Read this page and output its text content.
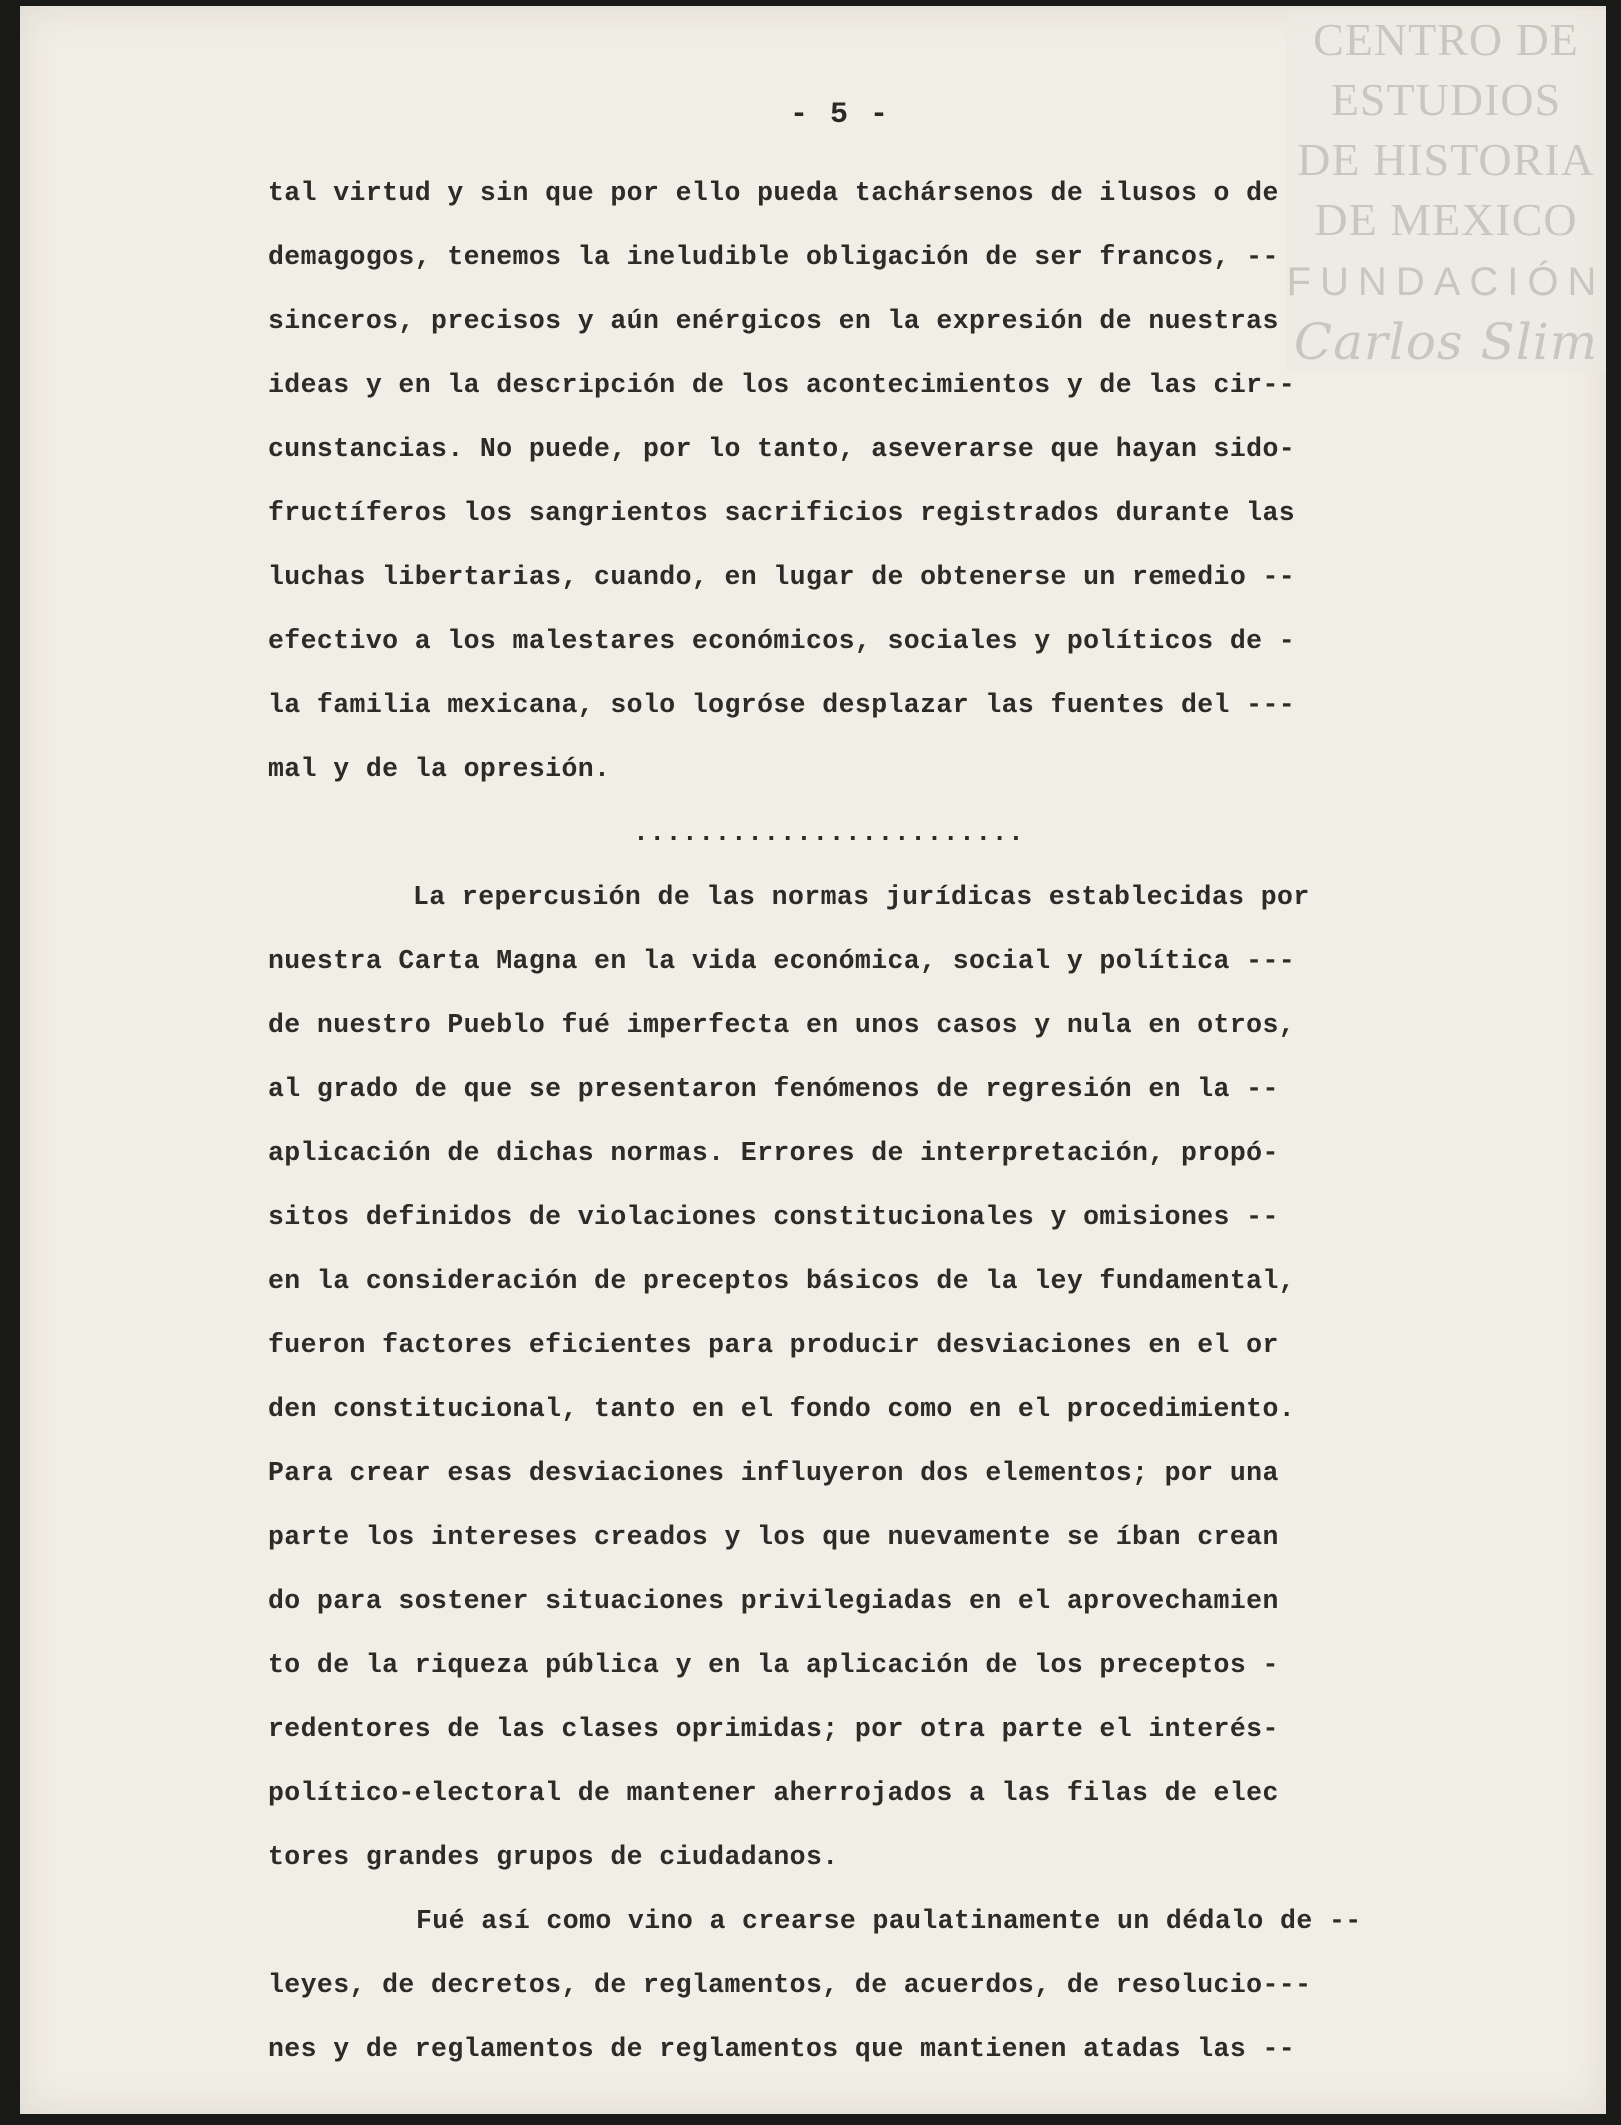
CENTRO DE
ESTUDIOS
DE HISTORIA
DE MEXICO
FUNDACIÓN
Carlos Slim
- 5 -
tal virtud y sin que por ello pueda tachársenos de ilusos o de
demagogos, tenemos la ineludible obligación de ser francos, --
sinceros, precisos y aún enérgicos en la expresión de nuestras
ideas y en la descripción de los acontecimientos y de las cir--
cunstancias. No puede, por lo tanto, aseverarse que hayan sido-
fructíferos los sangrientos sacrificios registrados durante las
luchas libertarias, cuando, en lugar de obtenerse un remedio --
efectivo a los malestares económicos, sociales y políticos de -
la familia mexicana, solo logróse desplazar las fuentes del ---
mal y de la opresión.
........................
La repercusión de las normas jurídicas establecidas por
nuestra Carta Magna en la vida económica, social y política ---
de nuestro Pueblo fué imperfecta en unos casos y nula en otros,
al grado de que se presentaron fenómenos de regresión en la --
aplicación de dichas normas. Errores de interpretación, propó-
sitos definidos de violaciones constitucionales y omisiones --
en la consideración de preceptos básicos de la ley fundamental,
fueron factores eficientes para producir desviaciones en el or
den constitucional, tanto en el fondo como en el procedimiento.
Para crear esas desviaciones influyeron dos elementos; por una
parte los intereses creados y los que nuevamente se íban crean
do para sostener situaciones privilegiadas en el aprovechamien
to de la riqueza pública y en la aplicación de los preceptos -
redentores de las clases oprimidas; por otra parte el interés-
político-electoral de mantener aherrojados a las filas de elec
tores grandes grupos de ciudadanos.
Fué así como vino a crearse paulatinamente un dédalo de --
leyes, de decretos, de reglamentos, de acuerdos, de resolucio---
nes y de reglamentos de reglamentos que mantienen atadas las --
